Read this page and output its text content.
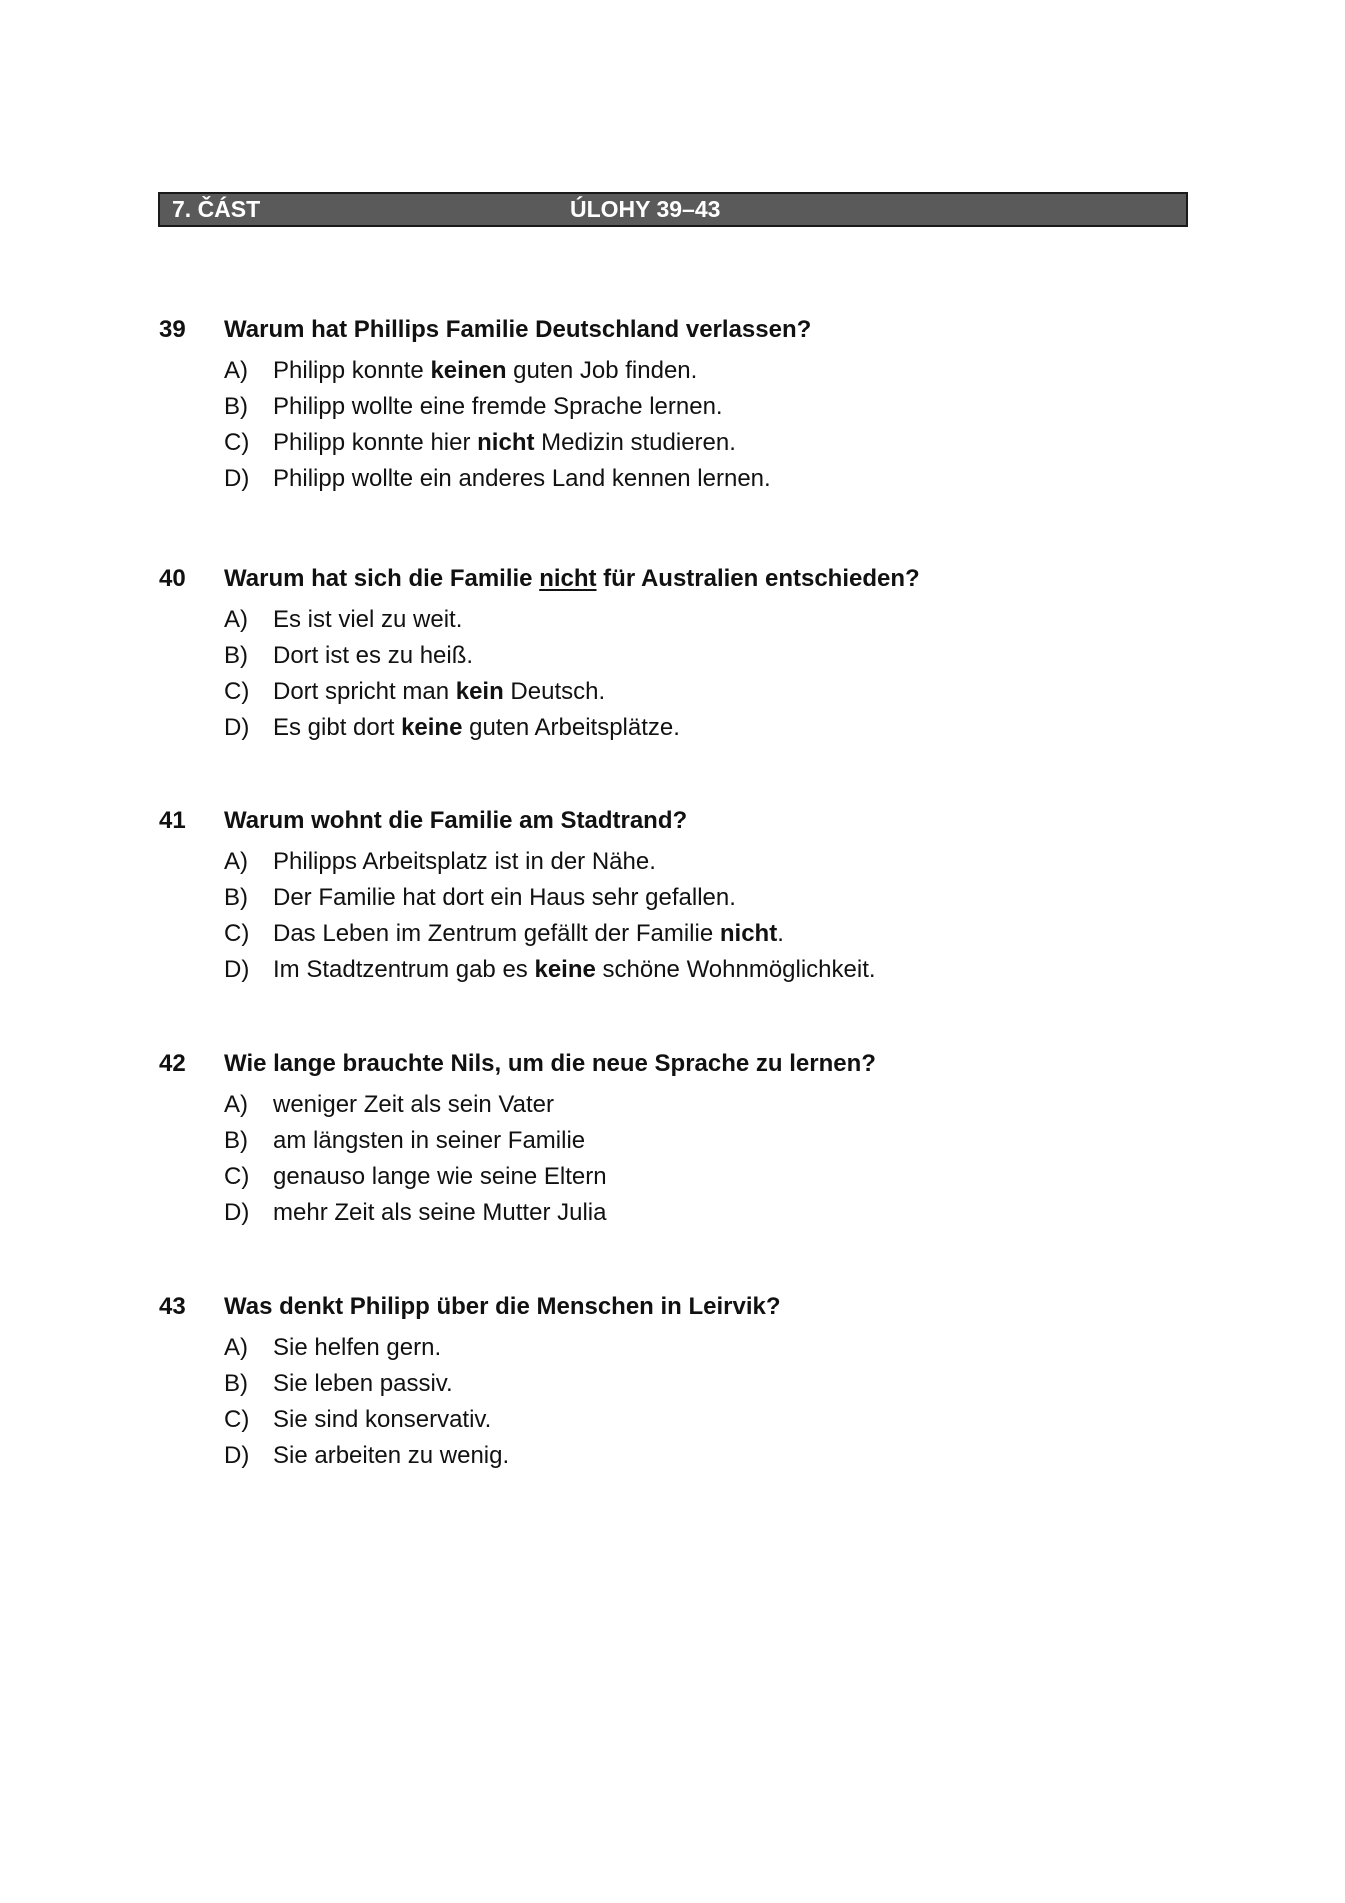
7. ČÁST	ÚLOHY 39–43
39 Warum hat Phillips Familie Deutschland verlassen?
A) Philipp konnte keinen guten Job finden.
B) Philipp wollte eine fremde Sprache lernen.
C) Philipp konnte hier nicht Medizin studieren.
D) Philipp wollte ein anderes Land kennen lernen.
40 Warum hat sich die Familie nicht für Australien entschieden?
A) Es ist viel zu weit.
B) Dort ist es zu heiß.
C) Dort spricht man kein Deutsch.
D) Es gibt dort keine guten Arbeitsplätze.
41 Warum wohnt die Familie am Stadtrand?
A) Philipps Arbeitsplatz ist in der Nähe.
B) Der Familie hat dort ein Haus sehr gefallen.
C) Das Leben im Zentrum gefällt der Familie nicht.
D) Im Stadtzentrum gab es keine schöne Wohnmöglichkeit.
42 Wie lange brauchte Nils, um die neue Sprache zu lernen?
A) weniger Zeit als sein Vater
B) am längsten in seiner Familie
C) genauso lange wie seine Eltern
D) mehr Zeit als seine Mutter Julia
43 Was denkt Philipp über die Menschen in Leirvik?
A) Sie helfen gern.
B) Sie leben passiv.
C) Sie sind konservativ.
D) Sie arbeiten zu wenig.
